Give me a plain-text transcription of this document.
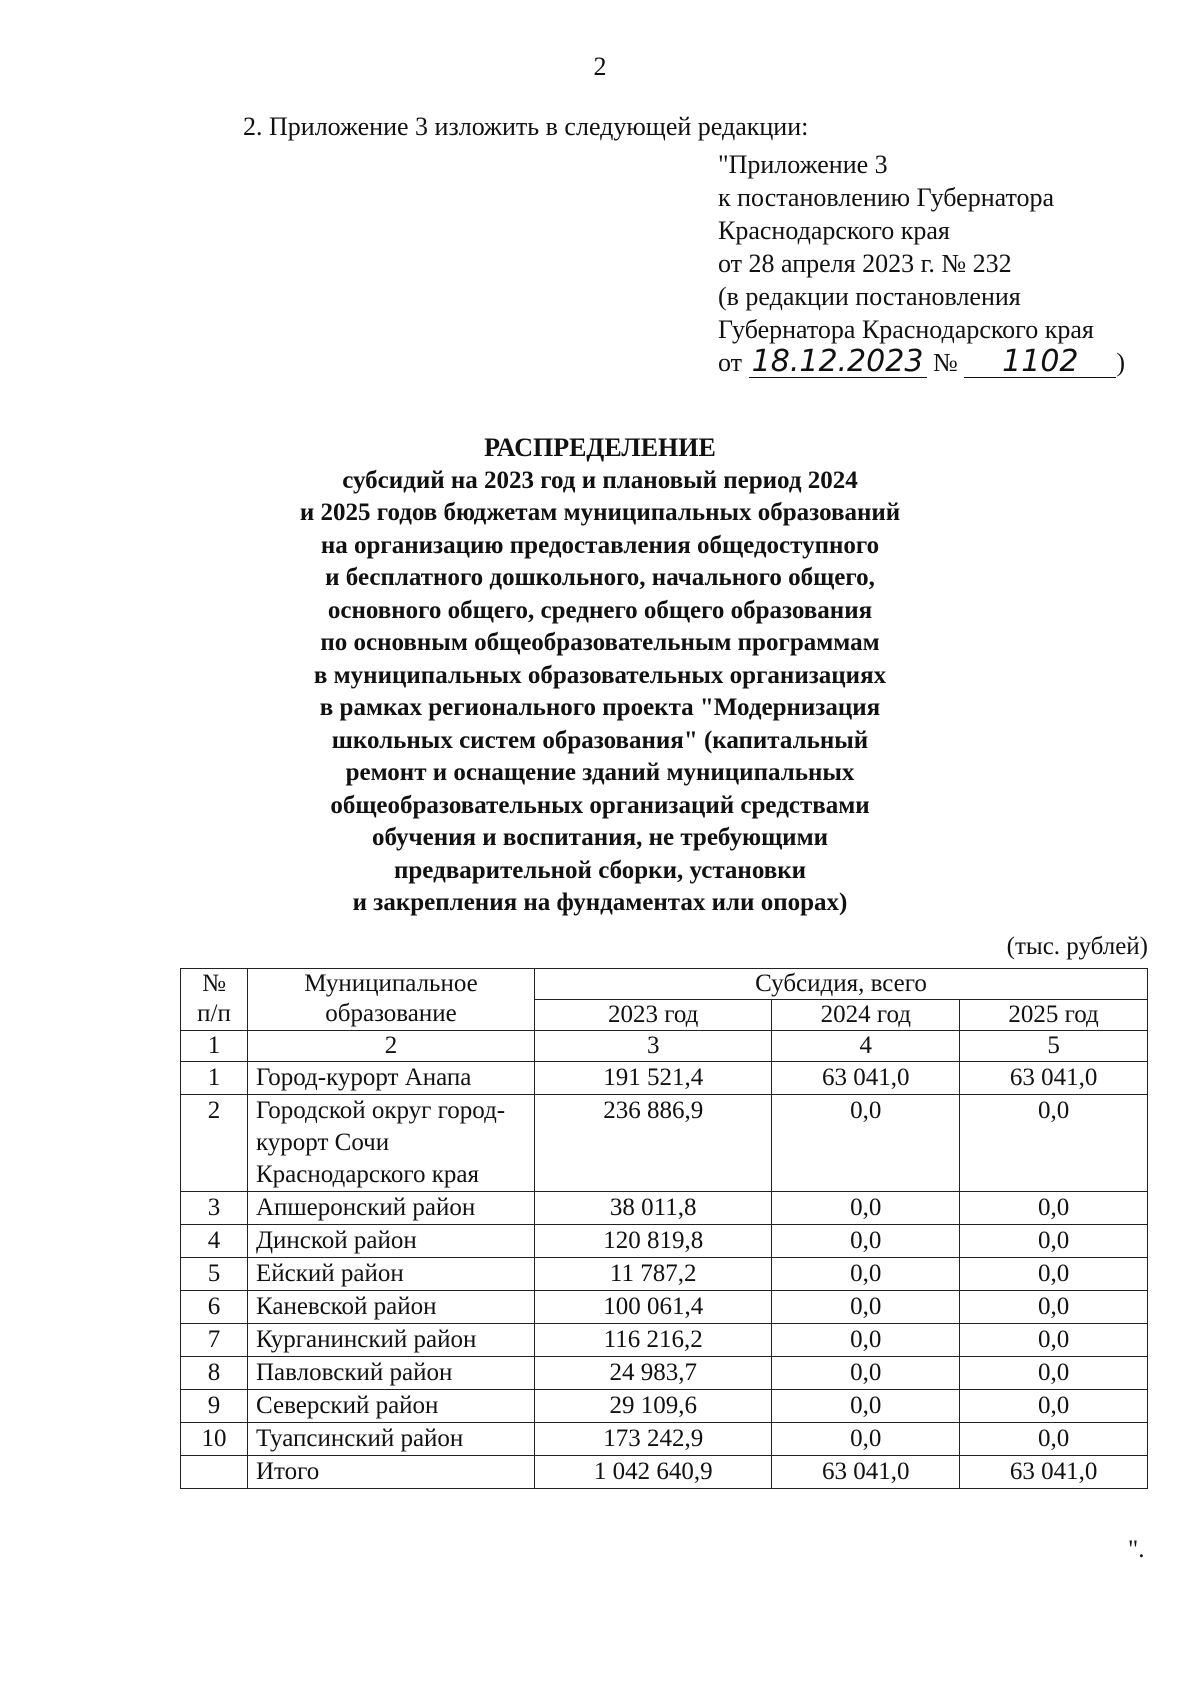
2
2. Приложение 3 изложить в следующей редакции:
"Приложение 3
к постановлению Губернатора
Краснодарского края
от 28 апреля 2023 г. № 232
(в редакции постановления
Губернатора Краснодарского края
от 18.12.2023 № 1102 )
РАСПРЕДЕЛЕНИЕ
субсидий на 2023 год и плановый период 2024
и 2025 годов бюджетам муниципальных образований
на организацию предоставления общедоступного
и бесплатного дошкольного, начального общего,
основного общего, среднего общего образования
по основным общеобразовательным программам
в муниципальных образовательных организациях
в рамках регионального проекта "Модернизация
школьных систем образования" (капитальный
ремонт и оснащение зданий муниципальных
общеобразовательных организаций средствами
обучения и воспитания, не требующими
предварительной сборки, установки
и закрепления на фундаментах или опорах)
(тыс. рублей)
№ п/п	Муниципальное образование	Субсидия, всего		
		2023 год	2024 год	2025 год
1	2	3	4	5
1	Город-курорт Анапа	191 521,4	63 041,0	63 041,0
2	Городской округ город-курорт Сочи Краснодарского края	236 886,9	0,0	0,0
3	Апшеронский район	38 011,8	0,0	0,0
4	Динской район	120 819,8	0,0	0,0
5	Ейский район	11 787,2	0,0	0,0
6	Каневской район	100 061,4	0,0	0,0
7	Курганинский район	116 216,2	0,0	0,0
8	Павловский район	24 983,7	0,0	0,0
9	Северский район	29 109,6	0,0	0,0
10	Туапсинский район	173 242,9	0,0	0,0
	Итого	1 042 640,9	63 041,0	63 041,0
".
